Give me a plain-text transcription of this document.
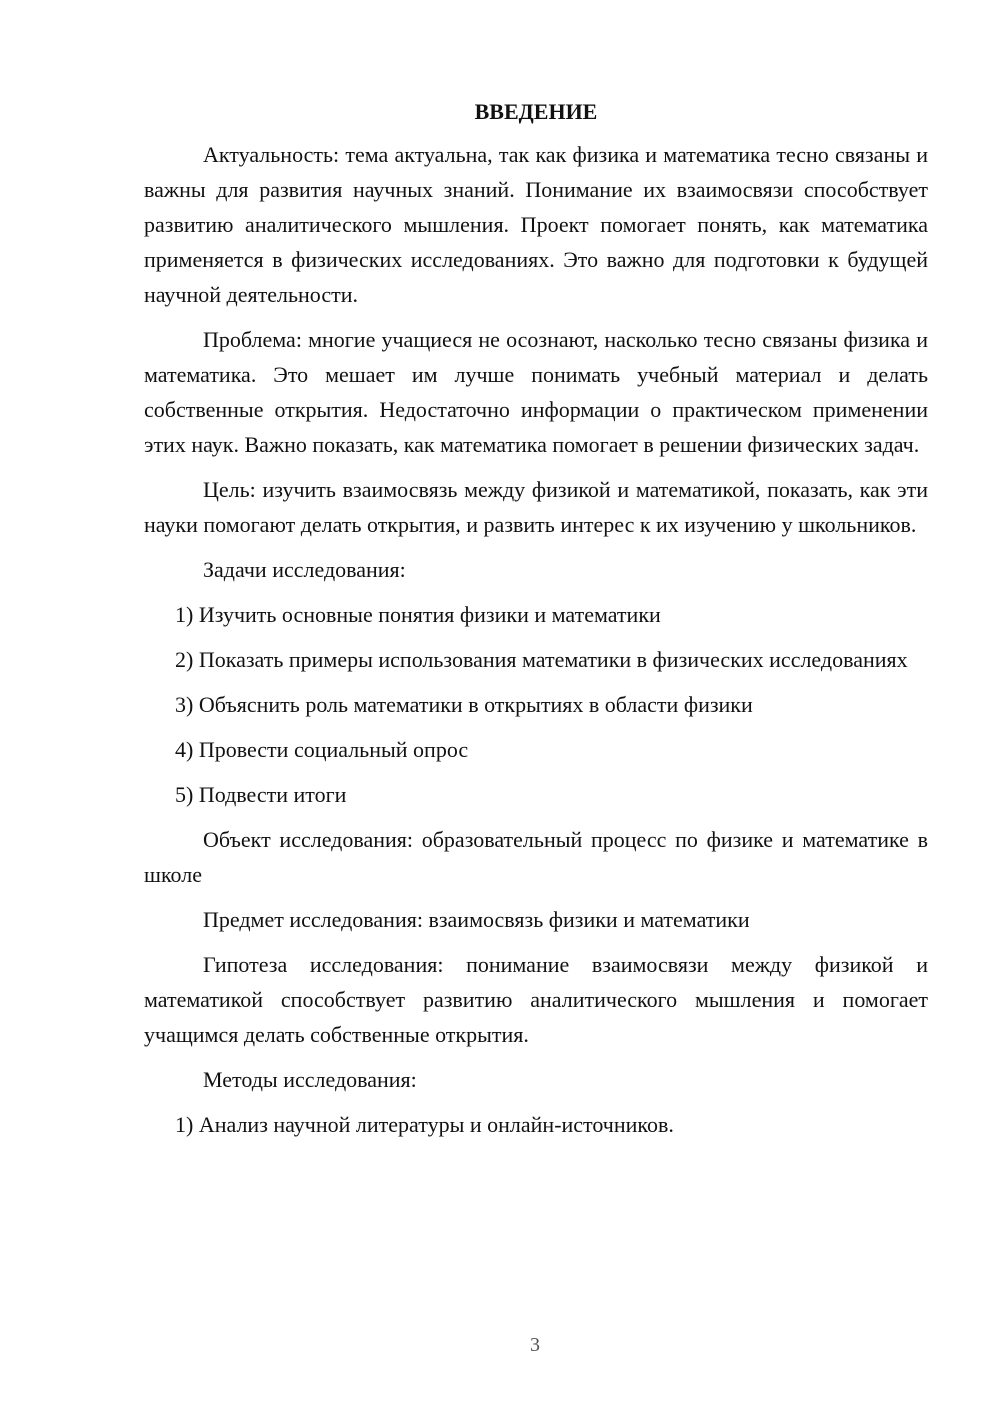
ВВЕДЕНИЕ

Актуальность: тема актуальна, так как физика и математика тесно связаны и важны для развития научных знаний. Понимание их взаимосвязи способствует развитию аналитического мышления. Проект помогает понять, как математика применяется в физических исследованиях. Это важно для подготовки к будущей научной деятельности.

Проблема: многие учащиеся не осознают, насколько тесно связаны физика и математика. Это мешает им лучше понимать учебный материал и делать собственные открытия. Недостаточно информации о практическом применении этих наук. Важно показать, как математика помогает в решении физических задач.

Цель: изучить взаимосвязь между физикой и математикой, показать, как эти науки помогают делать открытия, и развить интерес к их изучению у школьников.

Задачи исследования:

1) Изучить основные понятия физики и математики

2) Показать примеры использования математики в физических исследованиях

3) Объяснить роль математики в открытиях в области физики

4) Провести социальный опрос

5) Подвести итоги

Объект исследования: образовательный процесс по физике и математике в школе

Предмет исследования: взаимосвязь физики и математики

Гипотеза исследования: понимание взаимосвязи между физикой и математикой способствует развитию аналитического мышления и помогает учащимся делать собственные открытия.

Методы исследования:

1) Анализ научной литературы и онлайн-источников.

3
